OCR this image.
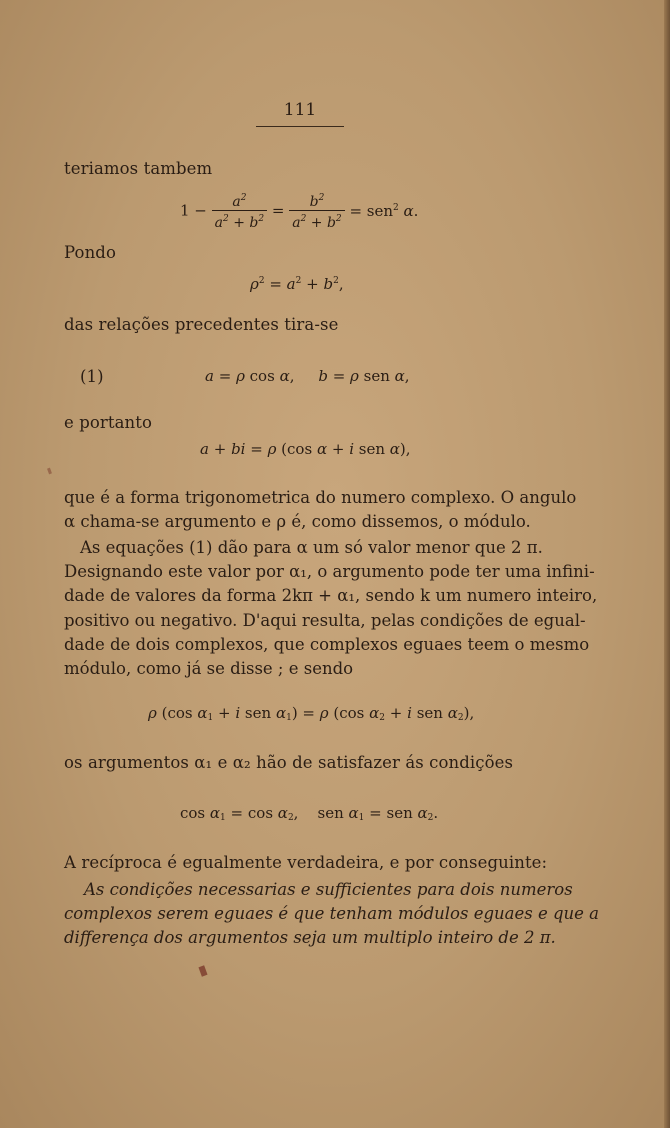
111
teriamos tambem
$1 - \frac{a^2}{a^2 + b^2} = \frac{b^2}{a^2 + b^2} = sen^2$ α.
Pondo
$\rho^2 = a^2 + b^2$,
das relações precedentes tira-se
(1)	a = ρ cos α,     b = ρ sen α,
e portanto
a + bi = ρ (cos α + i sen α),
que é a forma trigonometrica do numero complexo. O angulo
α chama-se argumento e ρ é, como dissemos, o módulo.
As equações (1) dão para α um só valor menor que 2 π.
Designando este valor por α₁, o argumento pode ter uma infini-
dade de valores da forma 2kπ + α₁, sendo k um numero inteiro,
positivo ou negativo. D'aqui resulta, pelas condições de egual-
dade de dois complexos, que complexos eguaes teem o mesmo
módulo, como já se disse ; e sendo
ρ (cos $\alpha_1 + i$ sen $\alpha_1) = \rho$ (cos $\alpha_2 + i$ sen $\alpha_2$),
os argumentos α₁ e α₂ hão de satisfazer ás condições
$\cos \alpha_1 = \cos \alpha_2$,    sen $\alpha_1$ = sen $\alpha_2$.
A recíproca é egualmente verdadeira, e por conseguinte:
As condições necessarias e sufficientes para dois numeros
complexos serem eguaes é que tenham módulos eguaes e que a
differença dos argumentos seja um multiplo inteiro de 2 π.
